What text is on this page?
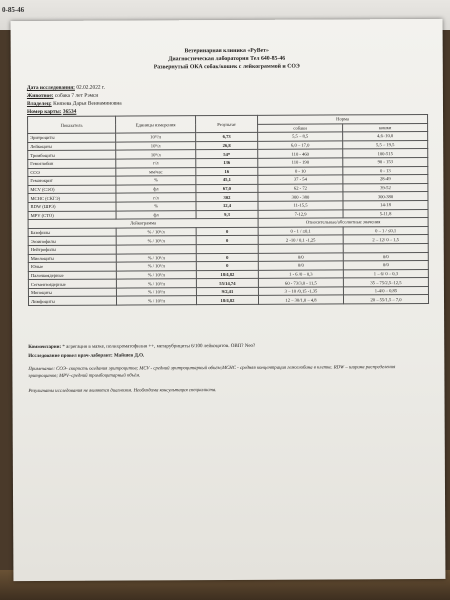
0-85-46
Ветеринарная клиника «РуВет»
Диагностическая лаборатория Тел 640-85-46
Развернутый ОКА собак/кошек с лейкограммой и СОЭ
Дата исследования: 02.02.2022 г.
Животное: собака 7 лет Рэмси
Владелец: Князева Дарья Вениаминовна
Номер карты: 36534
Показатель	Единицы измерения	Результат	Норма	
			собаки	кошки
Эритроциты	10¹²/л	6,73	5,5 – 8,5	4,6–10,0
Лейкоциты	10⁹/л	26,8	6,0 – 17,0	5,5 – 19,5
Тромбоциты	10⁹/л	54*	110 - 460	100-515
Гемоглобин	г/л	136	110 - 190	90 - 153
СОЭ	мм/час	16	0 - 10	0 - 13
Гематокрит	%	45,1	37 - 54	28-49
MCV (СЭО)	фл	67,0	62 - 72	39-52
МСНС (СКГЭ)	г/л	302	300 - 380	300-380
RDW (ШРЭ)	%	12,4	11-15,5	14-18
MPV (СТО)	фл	9,3	7-12,9	5-11,8
Лейкограмма			Относительные/абсолютные значения	
Базофилы	% / 10⁹/л	0	0 - 1 / ≤0,1	0 – 1 / ≤0,1
Эозинофилы	% / 10⁹/л	0	2 -10 / 0,1 -1,25	2 – 12/ 0 – 1,5
Нейтрофилы				
Миелоциты	% / 10⁹/л	0	0/0	0/0
Юные	% / 10⁹/л	0	0/0	0/0
Палочкоядерные	% / 10⁹/л	18/4,82	1 - 6 /0 – 0,3	1 – 6/ 0 – 0,3
Сегментоядерные	% / 10⁹/л	55/14,74	60 - 73/3,0 - 11,5	35 – 75/2,5–12,5
Моноциты	% / 10⁹/л	9/2,41	3 – 10 /0,15 -1,35	1-4/0 – 0,85
Лимфоциты	% / 10⁹/л	18/4,82	12 – 30/1,0 – 4,8	20 – 55/1,5 – 7,0
Комментарии: * агрегация в мазке, полихроматофилия ++, метарубрициты 6/100 лейкоцитов. ОВП? Neo?
Исследование провел врач-лаборант: Майшев Д.О.
Примечание: СОЭ- скорость оседания эритроцитов; MCV - средний эритроцитарный объём;МСНС - средняя концентрация гемоглобина в клетке. RDW – ширина распределения эритроцитов; MPV–средний тромбоцитарный объём.
Результаты исследования не являются диагнозом. Необходима консультация специалиста.
